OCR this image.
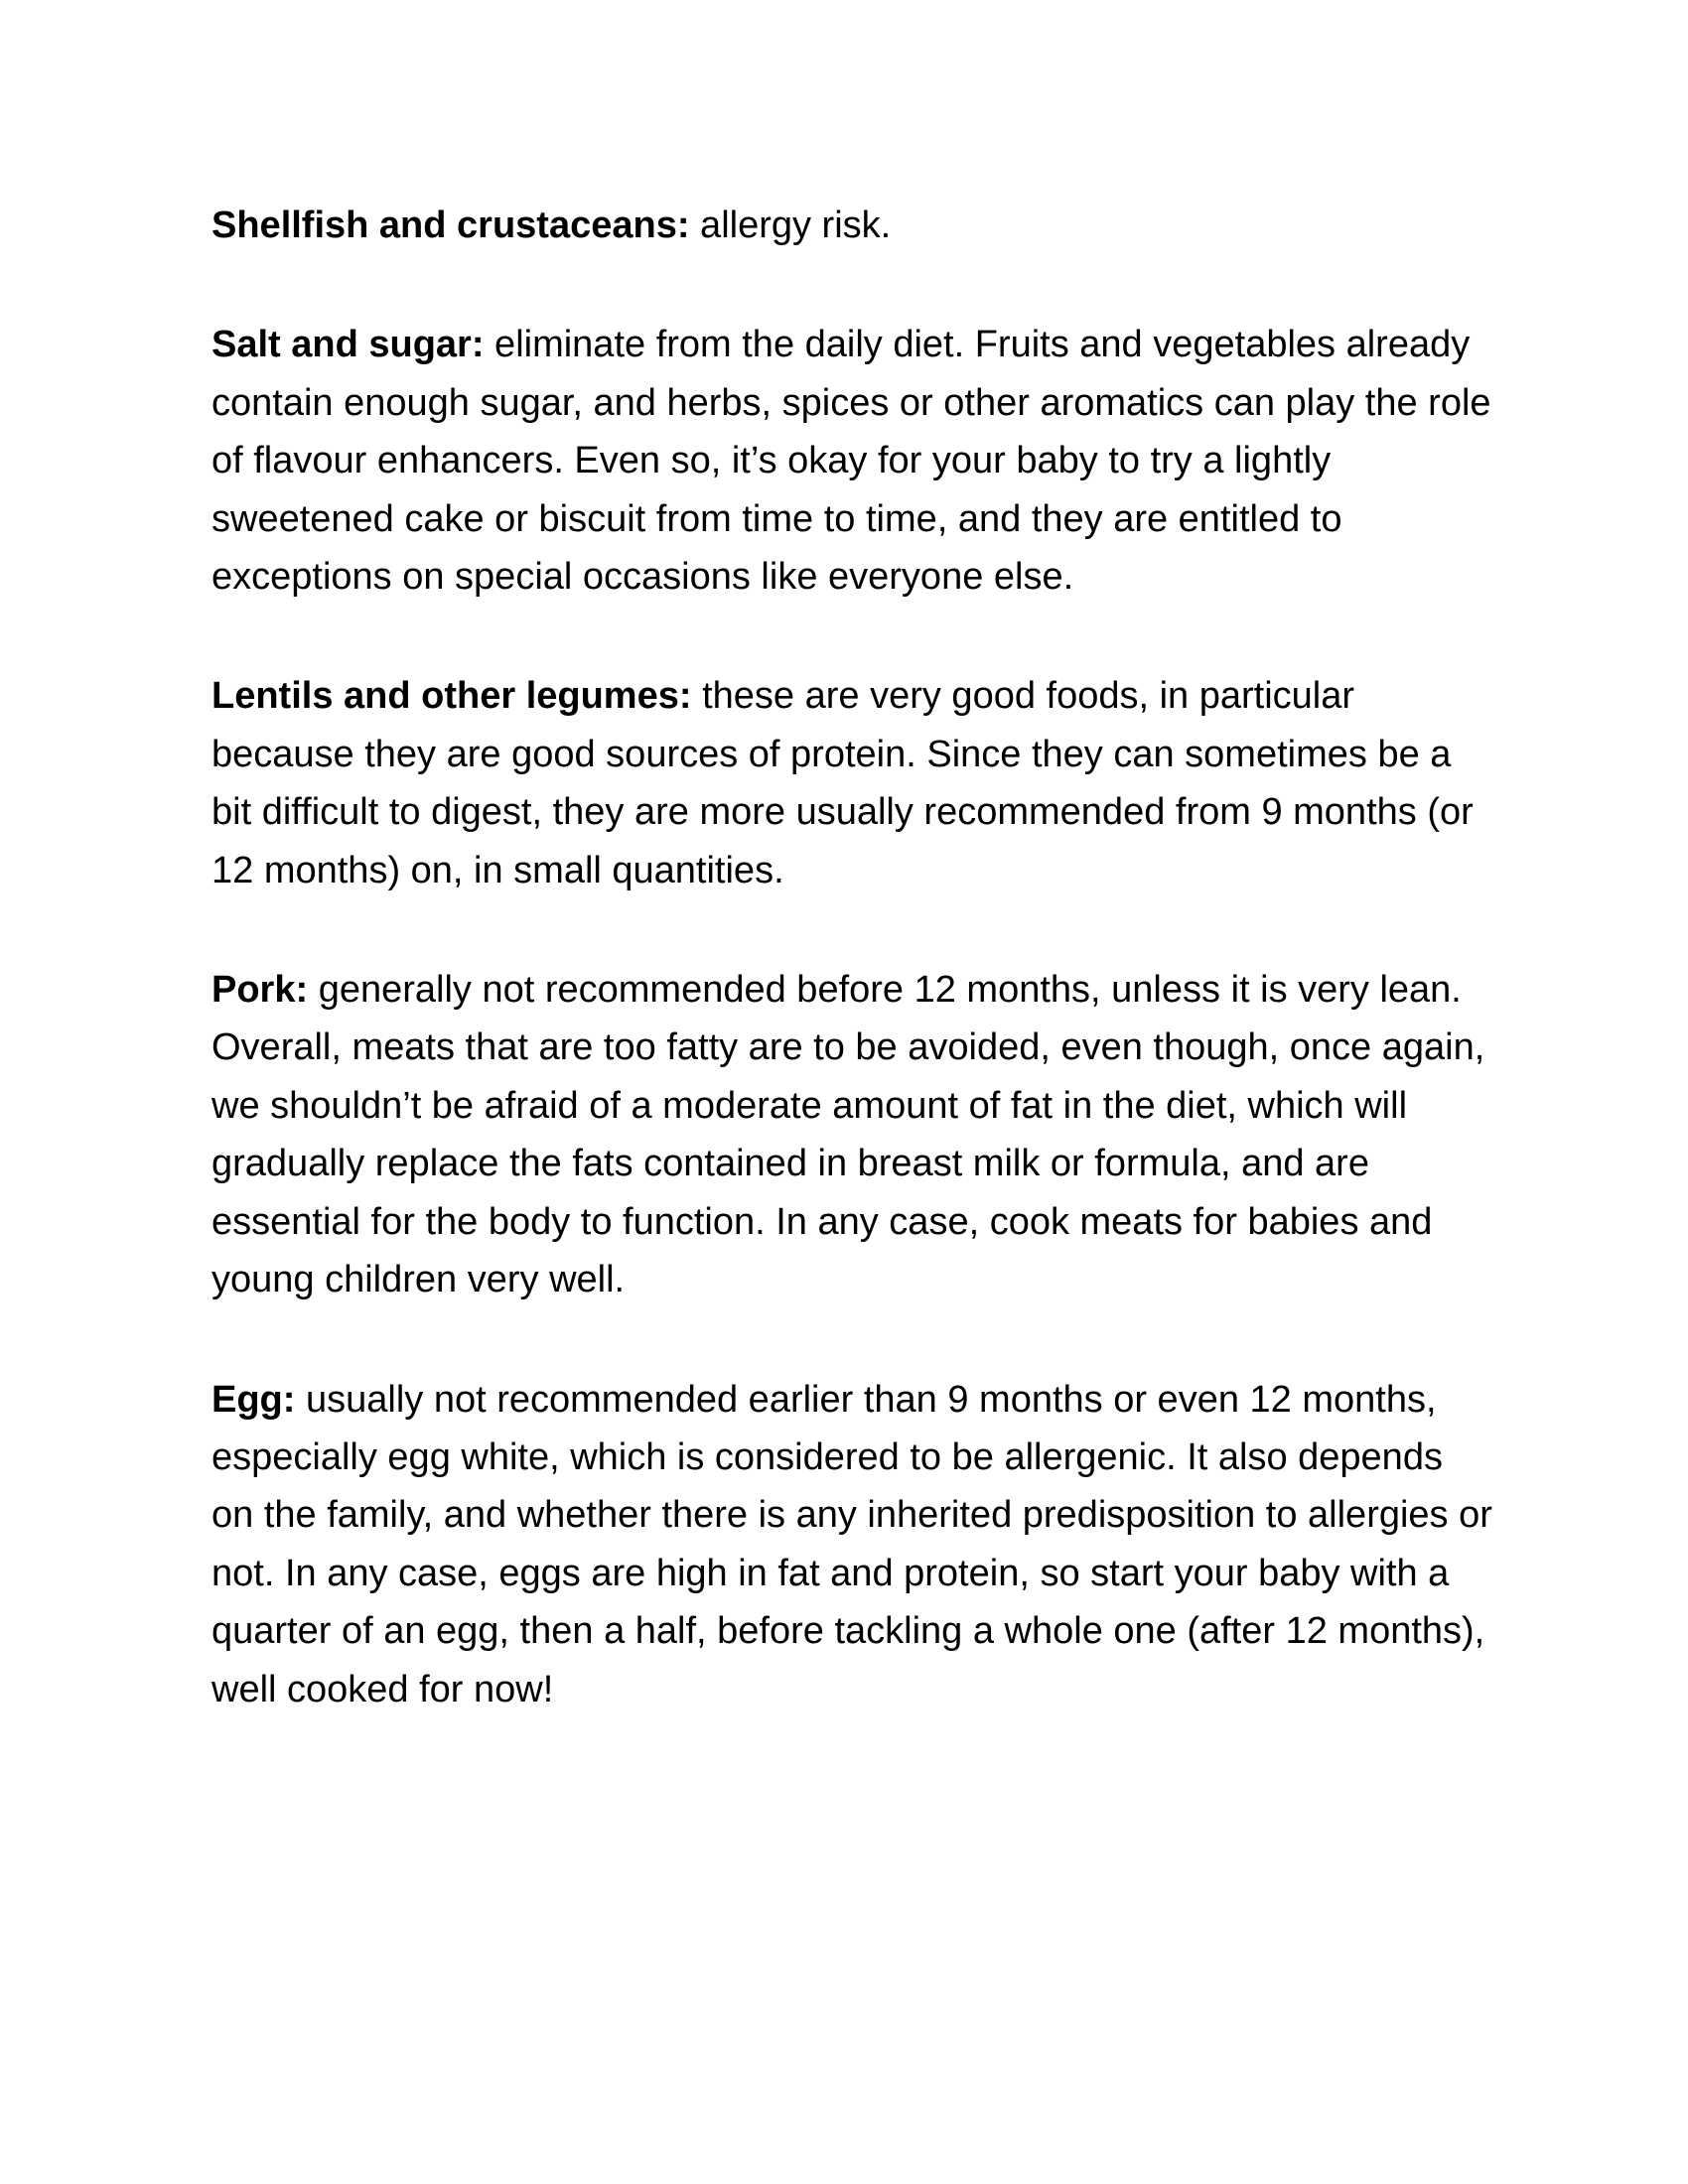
Shellfish and crustaceans: allergy risk.

Salt and sugar: eliminate from the daily diet. Fruits and vegetables already contain enough sugar, and herbs, spices or other aromatics can play the role of flavour enhancers. Even so, it’s okay for your baby to try a lightly sweetened cake or biscuit from time to time, and they are entitled to exceptions on special occasions like everyone else.

Lentils and other legumes: these are very good foods, in particular because they are good sources of protein. Since they can sometimes be a bit difficult to digest, they are more usually recommended from 9 months (or 12 months) on, in small quantities.

Pork: generally not recommended before 12 months, unless it is very lean. Overall, meats that are too fatty are to be avoided, even though, once again, we shouldn’t be afraid of a moderate amount of fat in the diet, which will gradually replace the fats contained in breast milk or formula, and are essential for the body to function. In any case, cook meats for babies and young children very well.

Egg: usually not recommended earlier than 9 months or even 12 months, especially egg white, which is considered to be allergenic. It also depends on the family, and whether there is any inherited predisposition to allergies or not. In any case, eggs are high in fat and protein, so start your baby with a quarter of an egg, then a half, before tackling a whole one (after 12 months), well cooked for now!
